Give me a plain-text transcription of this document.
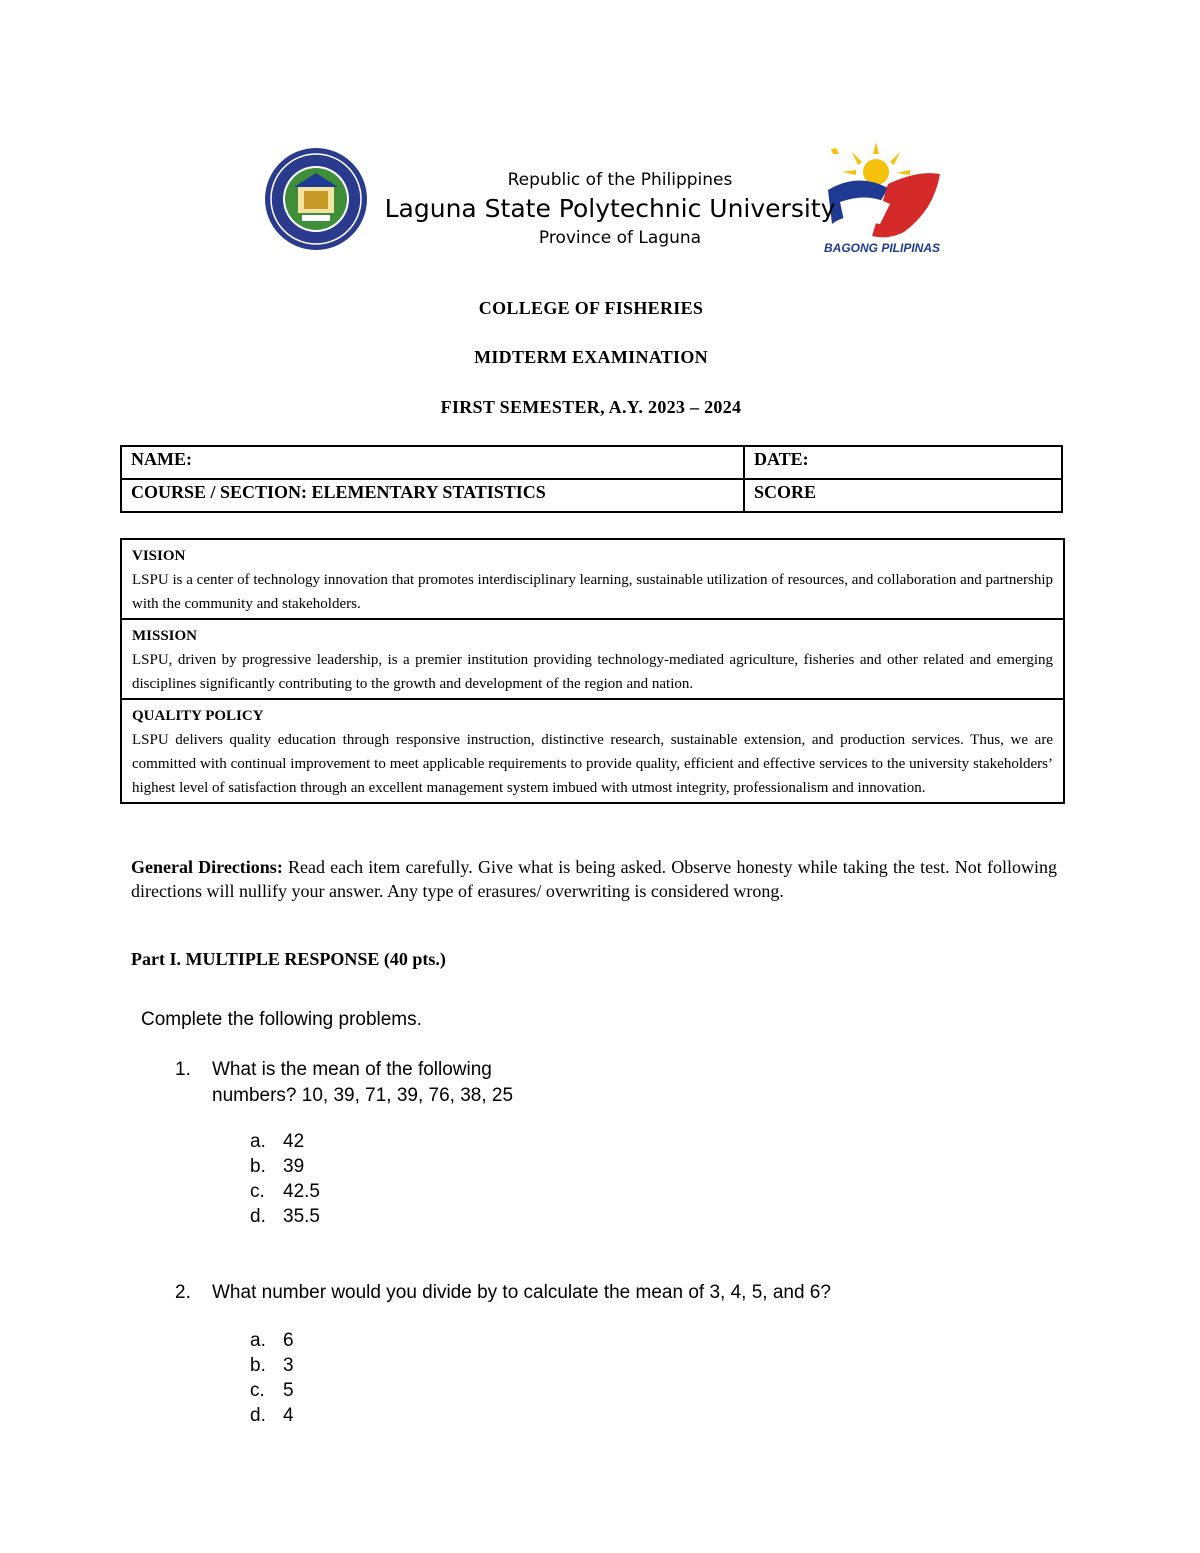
BAGONG PILIPINAS
Republic of the Philippines
Laguna State Polytechnic University
Province of Laguna
COLLEGE OF FISHERIES
MIDTERM EXAMINATION
FIRST SEMESTER, A.Y. 2023 – 2024
NAME:	DATE:
COURSE / SECTION: ELEMENTARY STATISTICS	SCORE
VISION
LSPU is a center of technology innovation that promotes interdisciplinary learning, sustainable utilization of resources, and collaboration and partnership with the community and stakeholders.
MISSION
LSPU, driven by progressive leadership, is a premier institution providing technology-mediated agriculture, fisheries and other related and emerging disciplines significantly contributing to the growth and development of the region and nation.
QUALITY POLICY
LSPU delivers quality education through responsive instruction, distinctive research, sustainable extension, and production services. Thus, we are committed with continual improvement to meet applicable requirements to provide quality, efficient and effective services to the university stakeholders’ highest level of satisfaction through an excellent management system imbued with utmost integrity, professionalism and innovation.
General Directions: Read each item carefully. Give what is being asked. Observe honesty while taking the test. Not following directions will nullify your answer. Any type of erasures/ overwriting is considered wrong.
Part I. MULTIPLE RESPONSE (40 pts.)
Complete the following problems.
1. What is the mean of the following
numbers? 10, 39, 71, 39, 76, 38, 25
a. 42
b. 39
c. 42.5
d. 35.5
2. What number would you divide by to calculate the mean of 3, 4, 5, and 6?
a. 6
b. 3
c. 5
d. 4
